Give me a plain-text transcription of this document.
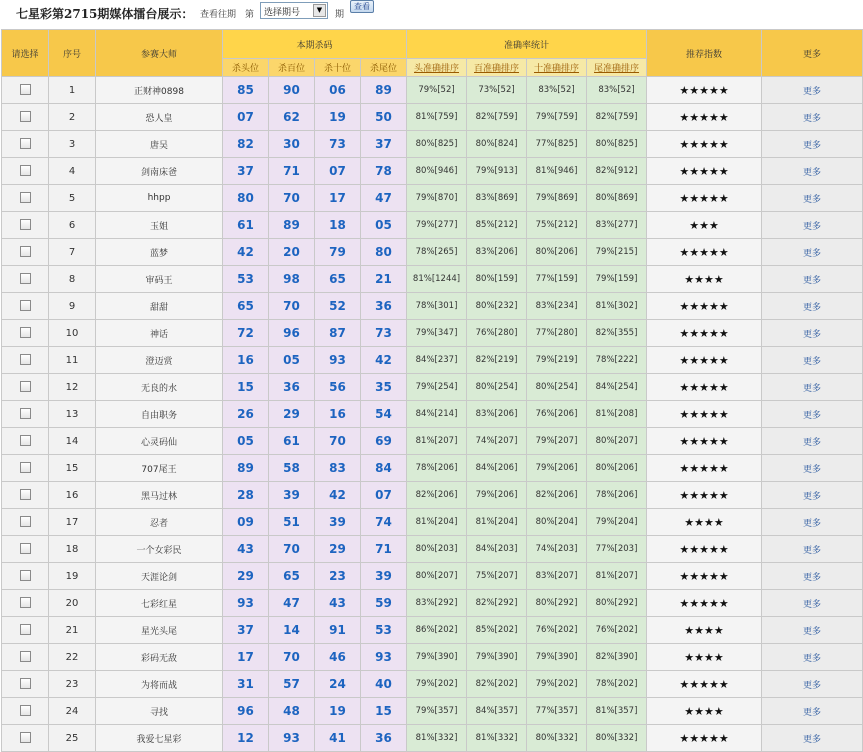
七星彩第2715期媒体擂台展示： 查看往期 第 选择期号	▼	期
查看
请选择	序号	参赛大师	本期杀码				准确率统计				推荐指数	更多
			杀头位	杀百位	杀十位	杀尾位	头准确排序	百准确排序	十准确排序	尾准确排序		
	1	正财神0898	85	90	06	89	79%[52]	73%[52]	83%[52]	83%[52]	★★★★★	更多
	2	恐人皇	07	62	19	50	81%[759]	82%[759]	79%[759]	82%[759]	★★★★★	更多
	3	唐吴	82	30	73	37	80%[825]	80%[824]	77%[825]	80%[825]	★★★★★	更多
	4	剑南床爸	37	71	07	78	80%[946]	79%[913]	81%[946]	82%[912]	★★★★★	更多
	5	hhpp	80	70	17	47	79%[870]	83%[869]	79%[869]	80%[869]	★★★★★	更多
	6	玉姐	61	89	18	05	79%[277]	85%[212]	75%[212]	83%[277]	★★★	更多
	7	蓝梦	42	20	79	80	78%[265]	83%[206]	80%[206]	79%[215]	★★★★★	更多
	8	审码王	53	98	65	21	81%[1244]	80%[159]	77%[159]	79%[159]	★★★★	更多
	9	甜甜	65	70	52	36	78%[301]	80%[232]	83%[234]	81%[302]	★★★★★	更多
	10	神话	72	96	87	73	79%[347]	76%[280]	77%[280]	82%[355]	★★★★★	更多
	11	澄迈赏	16	05	93	42	84%[237]	82%[219]	79%[219]	78%[222]	★★★★★	更多
	12	无良的水	15	36	56	35	79%[254]	80%[254]	80%[254]	84%[254]	★★★★★	更多
	13	自由职务	26	29	16	54	84%[214]	83%[206]	76%[206]	81%[208]	★★★★★	更多
	14	心灵码仙	05	61	70	69	81%[207]	74%[207]	79%[207]	80%[207]	★★★★★	更多
	15	707尾王	89	58	83	84	78%[206]	84%[206]	79%[206]	80%[206]	★★★★★	更多
	16	黑马过林	28	39	42	07	82%[206]	79%[206]	82%[206]	78%[206]	★★★★★	更多
	17	忍者	09	51	39	74	81%[204]	81%[204]	80%[204]	79%[204]	★★★★	更多
	18	一个女彩民	43	70	29	71	80%[203]	84%[203]	74%[203]	77%[203]	★★★★★	更多
	19	天涯论剑	29	65	23	39	80%[207]	75%[207]	83%[207]	81%[207]	★★★★★	更多
	20	七彩红星	93	47	43	59	83%[292]	82%[292]	80%[292]	80%[292]	★★★★★	更多
	21	星光头尾	37	14	91	53	86%[202]	85%[202]	76%[202]	76%[202]	★★★★	更多
	22	彩码无敌	17	70	46	93	79%[390]	79%[390]	79%[390]	82%[390]	★★★★	更多
	23	为将而战	31	57	24	40	79%[202]	82%[202]	79%[202]	78%[202]	★★★★★	更多
	24	寻找	96	48	19	15	79%[357]	84%[357]	77%[357]	81%[357]	★★★★	更多
	25	我爱七星彩	12	93	41	36	81%[332]	81%[332]	80%[332]	80%[332]	★★★★★	更多
